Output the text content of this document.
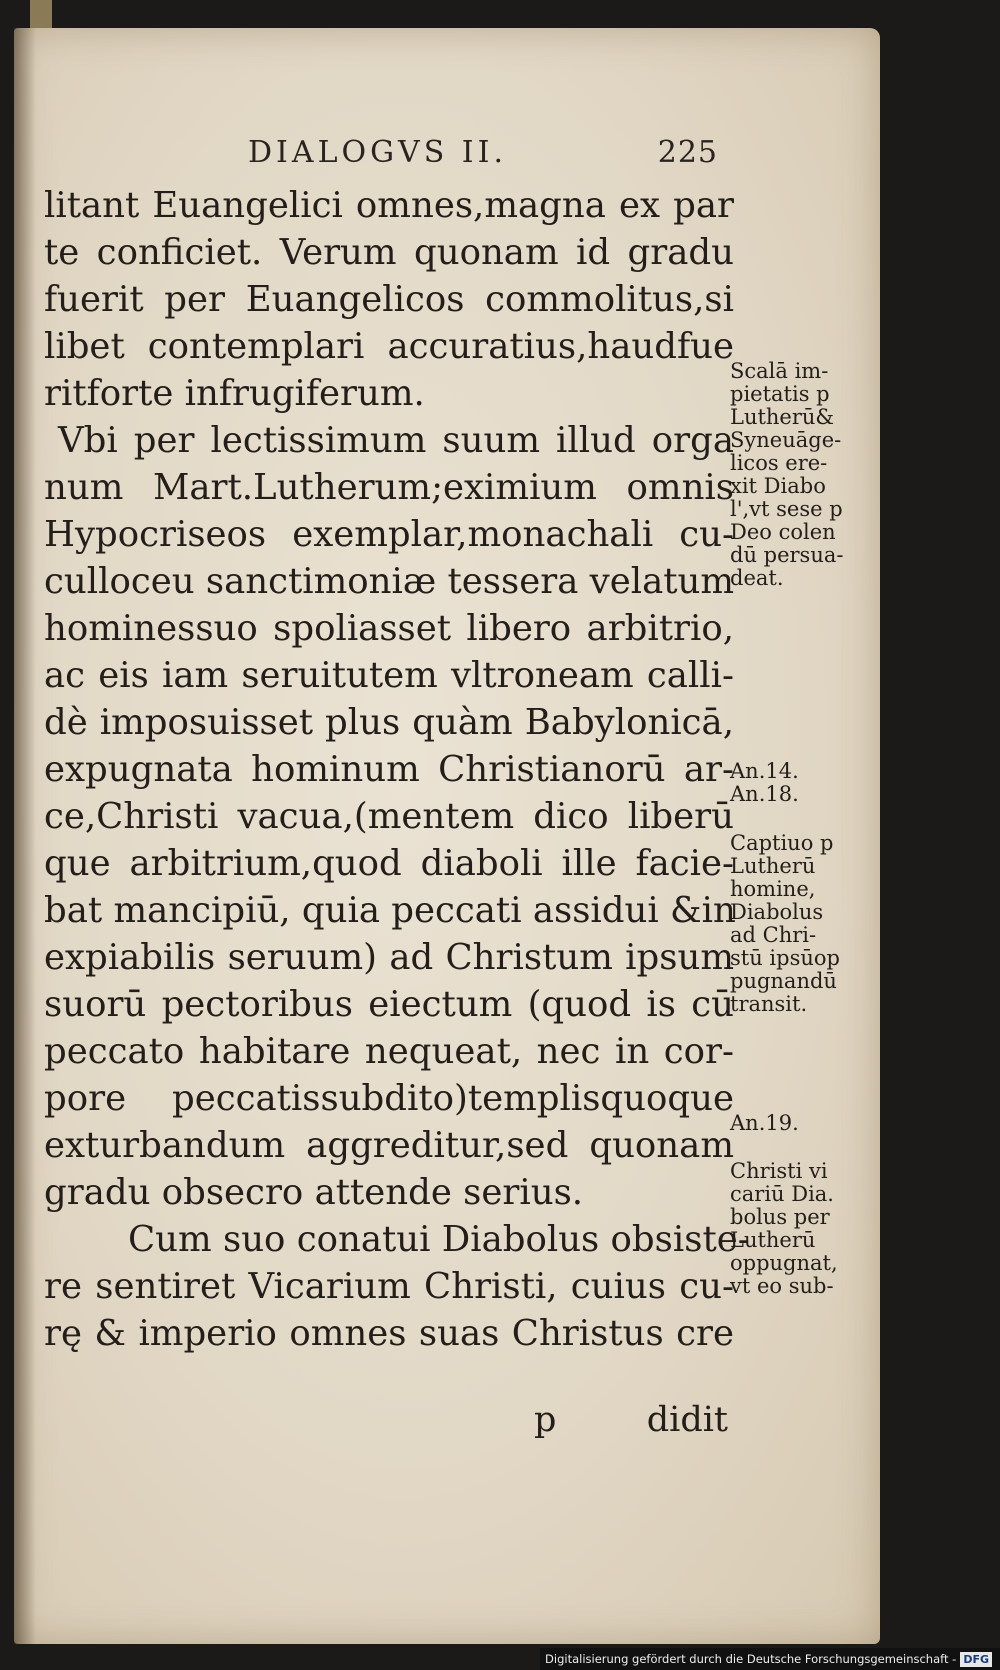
DIALOGVS II.	225
litant Euangelici omnes,magna ex par
te conficiet. Verum quonam id gradu
fuerit per Euangelicos commolitus,si
libet contemplari accuratius,haudfue
ritforte infrugiferum.
Vbi per lectissimum suum illud orga
num Mart.Lutherum;eximium omnis
Hypocriseos exemplar,monachali cu-
culloceu sanctimoniæ tessera velatum
hominessuo spoliasset libero arbitrio,
ac eis iam seruitutem vltroneam calli-
dè imposuisset plus quàm Babylonicā,
expugnata hominum Christianorū ar-
ce,Christi vacua,(mentem dico liberū
que arbitrium,quod diaboli ille facie-
bat mancipiū, quia peccati assidui &in
expiabilis seruum) ad Christum ipsum
suorū pectoribus eiectum (quod is cū
peccato habitare nequeat, nec in cor-
pore peccatissubdito)templisquoque
exturbandum aggreditur,sed quonam
gradu obsecro attende serius.
Cum suo conatui Diabolus obsiste-
re sentiret Vicarium Christi, cuius cu-
rę & imperio omnes suas Christus cre
Scalā im-
pietatis p
Lutherū&
Syneuāge-
licos ere-
xit Diabo
l',vt sese p
Deo colen
dū persua-
deat.
An.14.
An.18.
Captiuo p
Lutherū
homine,
Diabolus
ad Chri-
stū ipsūop
pugnandū
transit.
An.19.
Christi vi
cariū Dia.
bolus per
Lutherū
oppugnat,
vt eo sub-
p	didit
Digitalisierung gefördert durch die Deutsche Forschungsgemeinschaft - DFG
